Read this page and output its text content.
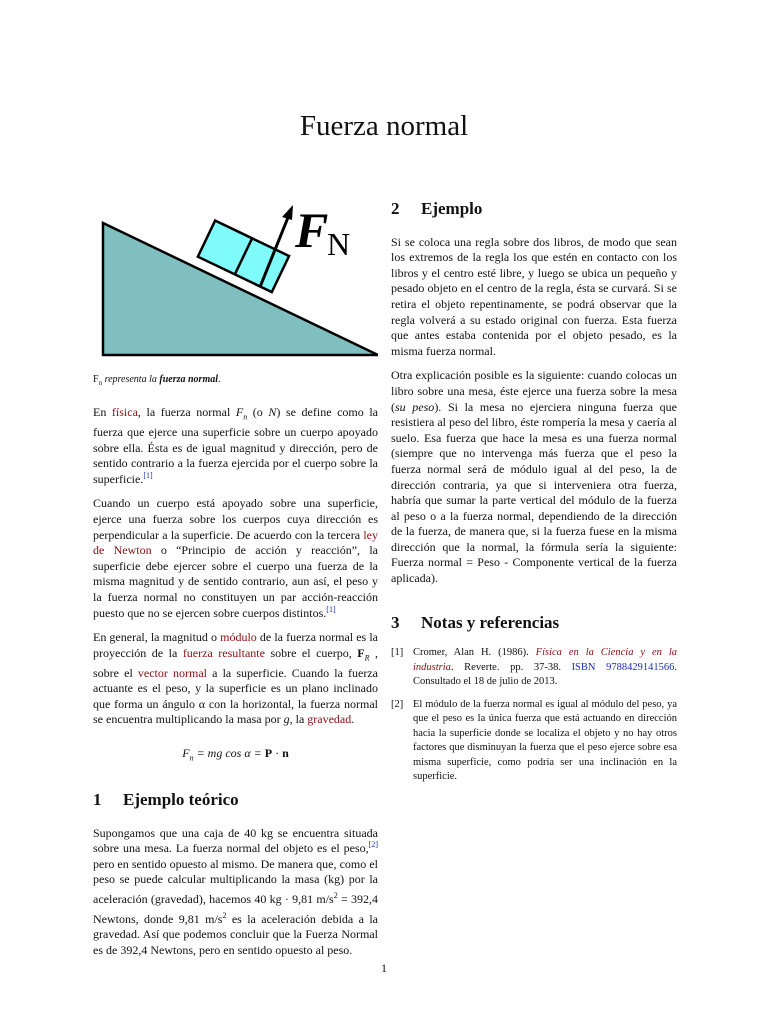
Fuerza normal
F
N
$F_n$ representa la fuerza normal.

En física, la fuerza normal $F_n$ (o N) se define como la fuerza que ejerce una superficie sobre un cuerpo apoyado sobre ella. Ésta es de igual magnitud y dirección, pero de sentido contrario a la fuerza ejercida por el cuerpo sobre la superficie.[1]

Cuando un cuerpo está apoyado sobre una superficie, ejerce una fuerza sobre los cuerpos cuya dirección es perpendicular a la superficie. De acuerdo con la tercera ley de Newton o “Principio de acción y reacción”, la superficie debe ejercer sobre el cuerpo una fuerza de la misma magnitud y de sentido contrario, aun así, el peso y la fuerza normal no constituyen un par acción-reacción puesto que no se ejercen sobre cuerpos distintos.[1]

En general, la magnitud o módulo de la fuerza normal es la proyección de la fuerza resultante sobre el cuerpo, $F_R$ , sobre el vector normal a la superficie. Cuando la fuerza actuante es el peso, y la superficie es un plano inclinado que forma un ángulo α con la horizontal, la fuerza normal se encuentra multiplicando la masa por g, la gravedad.

$F_n$ = mg cos α = P · n
1 Ejemplo teórico

Supongamos que una caja de 40 kg se encuentra situada sobre una mesa. La fuerza normal del objeto es el peso,[2] pero en sentido opuesto al mismo. De manera que, como el peso se puede calcular multiplicando la masa (kg) por la aceleración (gravedad), hacemos 40 kg · 9,81 $m/s^2 = 392,4$ Newtons, donde 9,81 $m/s^2$ es la aceleración debida a la gravedad. Así que podemos concluir que la Fuerza Normal es de 392,4 Newtons, pero en sentido opuesto al peso.

2 Ejemplo

Si se coloca una regla sobre dos libros, de modo que sean los extremos de la regla los que estén en contacto con los libros y el centro esté libre, y luego se ubica un pequeño y pesado objeto en el centro de la regla, ésta se curvará. Si se retira el objeto repentinamente, se podrá observar que la regla volverá a su estado original con fuerza. Esta fuerza que antes estaba contenida por el objeto pesado, es la misma fuerza normal.

Otra explicación posible es la siguiente: cuando colocas un libro sobre una mesa, éste ejerce una fuerza sobre la mesa (su peso). Si la mesa no ejerciera ninguna fuerza que resistiera al peso del libro, éste rompería la mesa y caería al suelo. Esa fuerza que hace la mesa es una fuerza normal (siempre que no intervenga más fuerza que el peso la fuerza normal será de módulo igual al del peso, la de dirección contraria, ya que si interveniera otra fuerza, habría que sumar la parte vertical del módulo de la fuerza al peso o a la fuerza normal, dependiendo de la dirección de la fuerza, de manera que, si la fuerza fuese en la misma dirección que la normal, la fórmula sería la siguiente: Fuerza normal = Peso - Componente vertical de la fuerza aplicada).

3 Notas y referencias
[1] Cromer, Alan H. (1986). Física en la Ciencia y en la industria. Reverte. pp. 37-38. ISBN 9788429141566. Consultado el 18 de julio de 2013.
[2] El módulo de la fuerza normal es igual al módulo del peso, ya que el peso es la única fuerza que está actuando en dirección hacia la superficie donde se localiza el objeto y no hay otros factores que disminuyan la fuerza que el peso ejerce sobre esa misma superficie, como podría ser una inclinación en la superficie.
1
